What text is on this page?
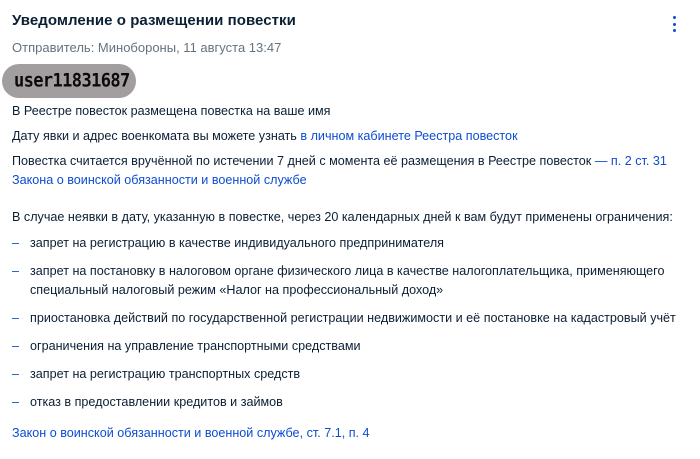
Уведомление о размещении повестки
Отправитель: Минобороны, 11 августа 13:47
user11831687
В Реестре повесток размещена повестка на ваше имя
Дату явки и адрес военкомата вы можете узнать в личном кабинете Реестра повесток
Повестка считается вручённой по истечении 7 дней с момента её размещения в Реестре повесток — п. 2 ст. 31
Закона о воинской обязанности и военной службе
В случае неявки в дату, указанную в повестке, через 20 календарных дней к вам будут применены ограничения:
– запрет на регистрацию в качестве индивидуального предпринимателя
– запрет на постановку в налоговом органе физического лица в качестве налогоплательщика, применяющего
специальный налоговый режим «Налог на профессиональный доход»
– приостановка действий по государственной регистрации недвижимости и её постановке на кадастровый учёт
– ограничения на управление транспортными средствами
– запрет на регистрацию транспортных средств
– отказ в предоставлении кредитов и займов
Закон о воинской обязанности и военной службе, ст. 7.1, п. 4
